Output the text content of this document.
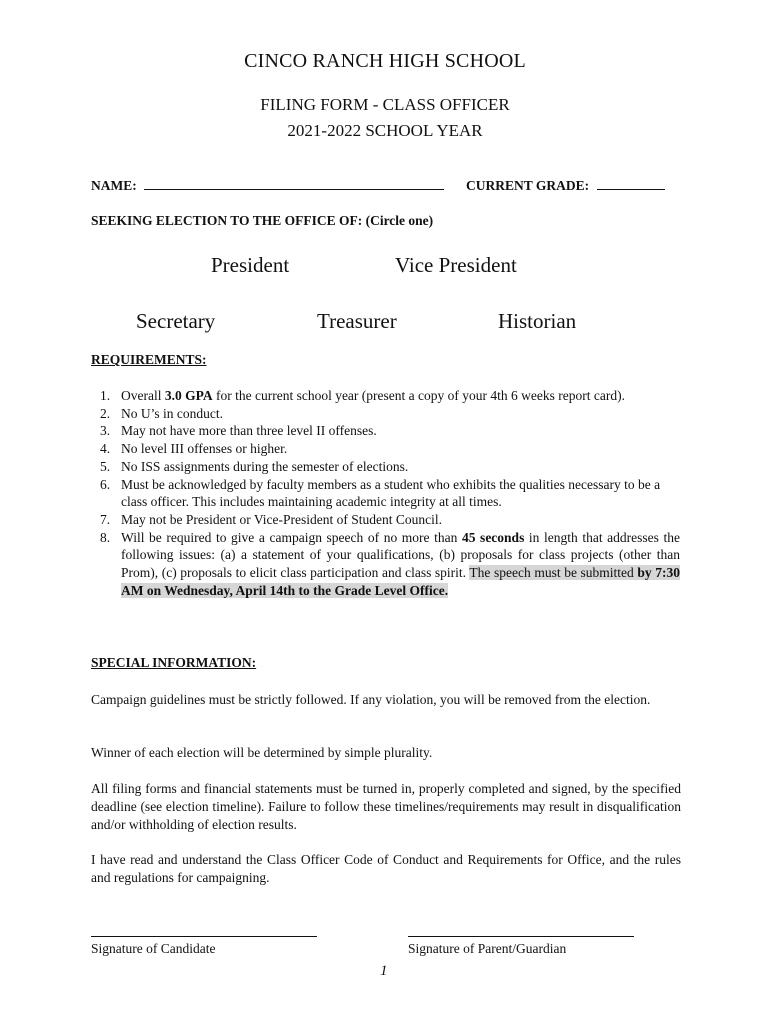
CINCO RANCH HIGH SCHOOL
FILING FORM - CLASS OFFICER
2021-2022 SCHOOL YEAR
NAME:	CURRENT GRADE:
SEEKING ELECTION TO THE OFFICE OF: (Circle one)
President	Vice President
Secretary	Treasurer	Historian
REQUIREMENTS:
1. Overall 3.0 GPA for the current school year (present a copy of your 4th 6 weeks report card).
2. No U’s in conduct.
3. May not have more than three level II offenses.
4. No level III offenses or higher.
5. No ISS assignments during the semester of elections.
6. Must be acknowledged by faculty members as a student who exhibits the qualities necessary to be a class officer. This includes maintaining academic integrity at all times.
7. May not be President or Vice-President of Student Council.
8. Will be required to give a campaign speech of no more than 45 seconds in length that addresses the following issues: (a) a statement of your qualifications, (b) proposals for class projects (other than Prom), (c) proposals to elicit class participation and class spirit. The speech must be submitted by 7:30 AM on Wednesday, April 14th to the Grade Level Office.
SPECIAL INFORMATION:
Campaign guidelines must be strictly followed. If any violation, you will be removed from the election.
Winner of each election will be determined by simple plurality.
All filing forms and financial statements must be turned in, properly completed and signed, by the specified deadline (see election timeline). Failure to follow these timelines/requirements may result in disqualification and/or withholding of election results.
I have read and understand the Class Officer Code of Conduct and Requirements for Office, and the rules and regulations for campaigning.
Signature of Candidate	Signature of Parent/Guardian
1
